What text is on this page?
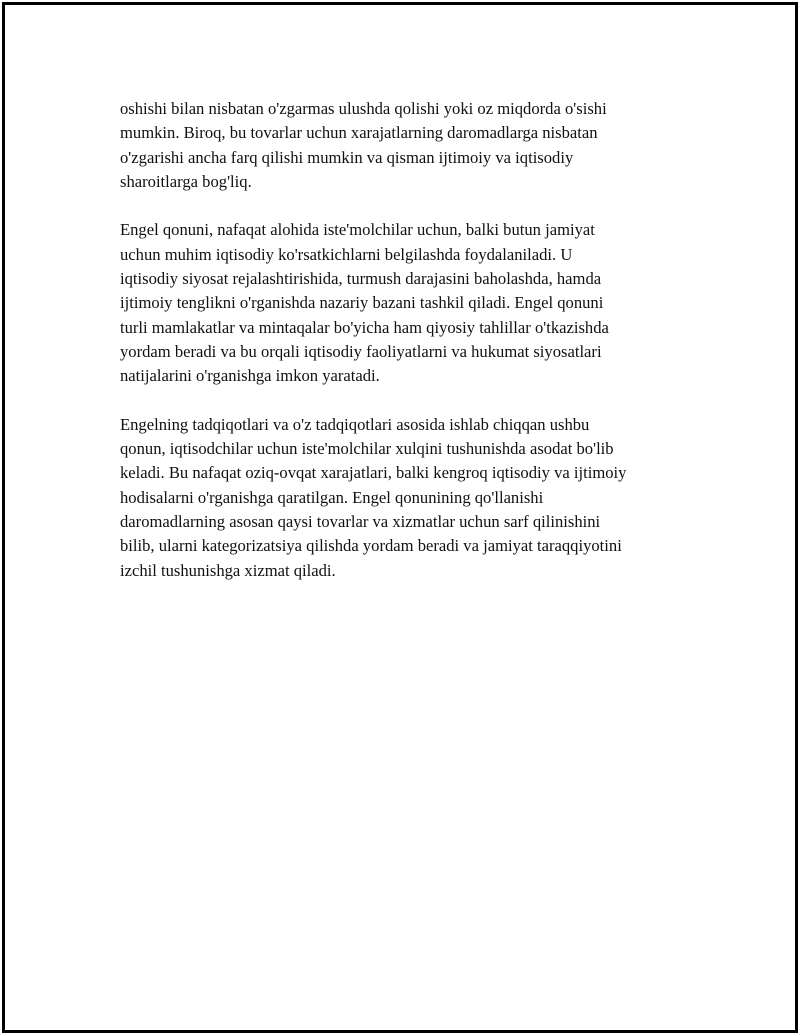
oshishi bilan nisbatan o'zgarmas ulushda qolishi yoki oz miqdorda o'sishi
mumkin. Biroq, bu tovarlar uchun xarajatlarning daromadlarga nisbatan
o'zgarishi ancha farq qilishi mumkin va qisman ijtimoiy va iqtisodiy
sharoitlarga bog'liq.

Engel qonuni, nafaqat alohida iste'molchilar uchun, balki butun jamiyat
uchun muhim iqtisodiy ko'rsatkichlarni belgilashda foydalaniladi. U
iqtisodiy siyosat rejalashtirishida, turmush darajasini baholashda, hamda
ijtimoiy tenglikni o'rganishda nazariy bazani tashkil qiladi. Engel qonuni
turli mamlakatlar va mintaqalar bo'yicha ham qiyosiy tahlillar o'tkazishda
yordam beradi va bu orqali iqtisodiy faoliyatlarni va hukumat siyosatlari
natijalarini o'rganishga imkon yaratadi.

Engelning tadqiqotlari va o'z tadqiqotlari asosida ishlab chiqqan ushbu
qonun, iqtisodchilar uchun iste'molchilar xulqini tushunishda asodat bo'lib
keladi. Bu nafaqat oziq-ovqat xarajatlari, balki kengroq iqtisodiy va ijtimoiy
hodisalarni o'rganishga qaratilgan. Engel qonunining qo'llanishi
daromadlarning asosan qaysi tovarlar va xizmatlar uchun sarf qilinishini
bilib, ularni kategorizatsiya qilishda yordam beradi va jamiyat taraqqiyotini
izchil tushunishga xizmat qiladi.
